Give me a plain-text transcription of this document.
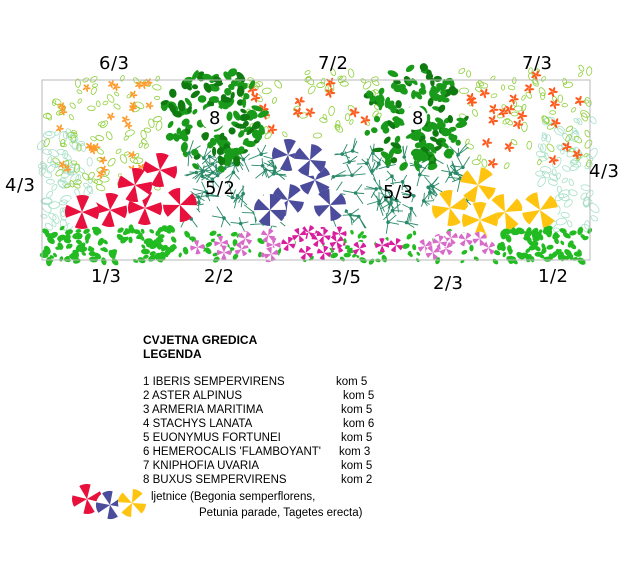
6/3	7/2	7/3
4/3
4/3
8	8
5/2	5/3
1/3	2/2	3/5	2/3	1/2
CVJETNA GREDICA
LEGENDA
1 IBERIS SEMPERVIRENS	kom 5
2 ASTER ALPINUS	kom 5
3 ARMERIA MARITIMA	kom 5
4 STACHYS LANATA	kom 6
5 EUONYMUS FORTUNEI	kom 5
6 HEMEROCALIS 'FLAMBOYANT' kom 3
7 KNIPHOFIA UVARIA	kom 5
8 BUXUS SEMPERVIRENS	kom 2
ljetnice (Begonia semperflorens,
Petunia parade, Tagetes erecta)
